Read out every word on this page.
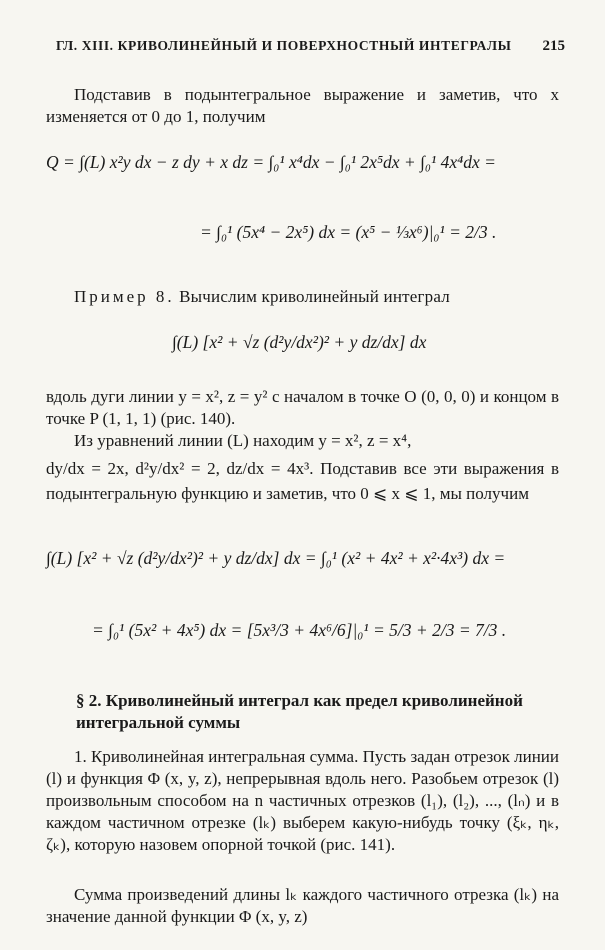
ГЛ. XIII. КРИВОЛИНЕЙНЫЙ И ПОВЕРХНОСТНЫЙ ИНТЕГРАЛЫ 215

Подставив в подынтегральное выражение и заметив, что x изменяется от 0 до 1, получим

Q = ∫(L) x²y dx − z dy + x dz = ∫₀¹ x⁴dx − ∫₀¹ 2x⁵dx + ∫₀¹ 4x⁴dx =
= ∫₀¹ (5x⁴ − 2x⁵) dx = (x⁵ − ⅓x⁶)|₀¹ = 2/3 .

Пример 8. Вычислим криволинейный интеграл

∫(L) [x² + √z (d²y/dx²)² + y dz/dx] dx

вдоль дуги линии y = x², z = y² с началом в точке O (0, 0, 0) и концом в точке P (1, 1, 1) (рис. 140).

Из уравнений линии (L) находим y = x², z = x⁴,

dy/dx = 2x, d²y/dx² = 2, dz/dx = 4x³. Подставив все эти выражения в подынтегральную функцию и заметив, что 0 ⩽ x ⩽ 1, мы получим

∫(L) [x² + √z (d²y/dx²)² + y dz/dx] dx = ∫₀¹ (x² + 4x² + x²·4x³) dx =
= ∫₀¹ (5x² + 4x⁵) dx = [5x³/3 + 4x⁶/6]|₀¹ = 5/3 + 2/3 = 7/3 .
§ 2. Криволинейный интеграл как предел криволинейной интегральной суммы

1. Криволинейная интегральная сумма. Пусть задан отрезок линии (l) и функция Φ (x, y, z), непрерывная вдоль него. Разобьем отрезок (l) произвольным способом на n частичных отрезков (l₁), (l₂), ..., (lₙ) и в каждом частичном отрезке (lₖ) выберем какую-нибудь точку (ξₖ, ηₖ, ζₖ), которую назовем опорной точкой (рис. 141).

Сумма произведений длины lₖ каждого частичного отрезка (lₖ) на значение данной функции Φ (x, y, z)
